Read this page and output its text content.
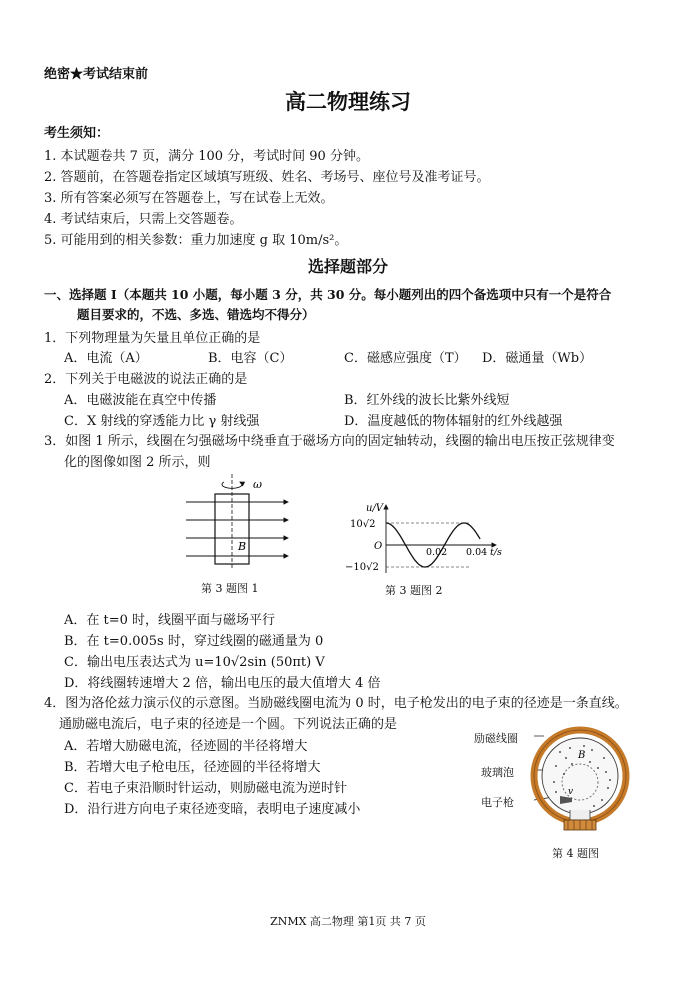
绝密★考试结束前
高二物理练习
考生须知：
1. 本试题卷共 7 页，满分 100 分，考试时间 90 分钟。
2. 答题前，在答题卷指定区域填写班级、姓名、考场号、座位号及准考证号。
3. 所有答案必须写在答题卷上，写在试卷上无效。
4. 考试结束后，只需上交答题卷。
5. 可能用到的相关参数：重力加速度 g 取 10m/s²。
选择题部分
一、选择题 I（本题共 10 小题，每小题 3 分，共 30 分。每小题列出的四个备选项中只有一个是符合
题目要求的，不选、多选、错选均不得分）
1．下列物理量为矢量且单位正确的是
A．电流（A）	B．电容（C）	C．磁感应强度（T） D．磁通量（Wb）
2．下列关于电磁波的说法正确的是
A．电磁波能在真空中传播	B．红外线的波长比紫外线短
C．X 射线的穿透能力比 γ 射线强	D．温度越低的物体辐射的红外线越强
3．如图 1 所示，线圈在匀强磁场中绕垂直于磁场方向的固定轴转动，线圈的输出电压按正弦规律变
化的图像如图 2 所示，则
ω
B
第 3 题图 1
u/V
10√2
O
−10√2
0.02 0.04 t/s
第 3 题图 2
A．在 t=0 时，线圈平面与磁场平行
B．在 t=0.005s 时，穿过线圈的磁通量为 0
C．输出电压表达式为 u=10√2sin (50πt) V
D．将线圈转速增大 2 倍，输出电压的最大值增大 4 倍
4．图为洛伦兹力演示仪的示意图。当励磁线圈电流为 0 时，电子枪发出的电子束的径迹是一条直线。
通励磁电流后，电子束的径迹是一个圆。下列说法正确的是
A．若增大励磁电流，径迹圆的半径将增大
B．若增大电子枪电压，径迹圆的半径将增大
C．若电子束沿顺时针运动，则励磁电流为逆时针
D．沿行进方向电子束径迹变暗，表明电子速度减小
励磁线圈
玻璃泡
电子枪
B
v
第 4 题图
ZNMX 高二物理 第1页 共 7 页
